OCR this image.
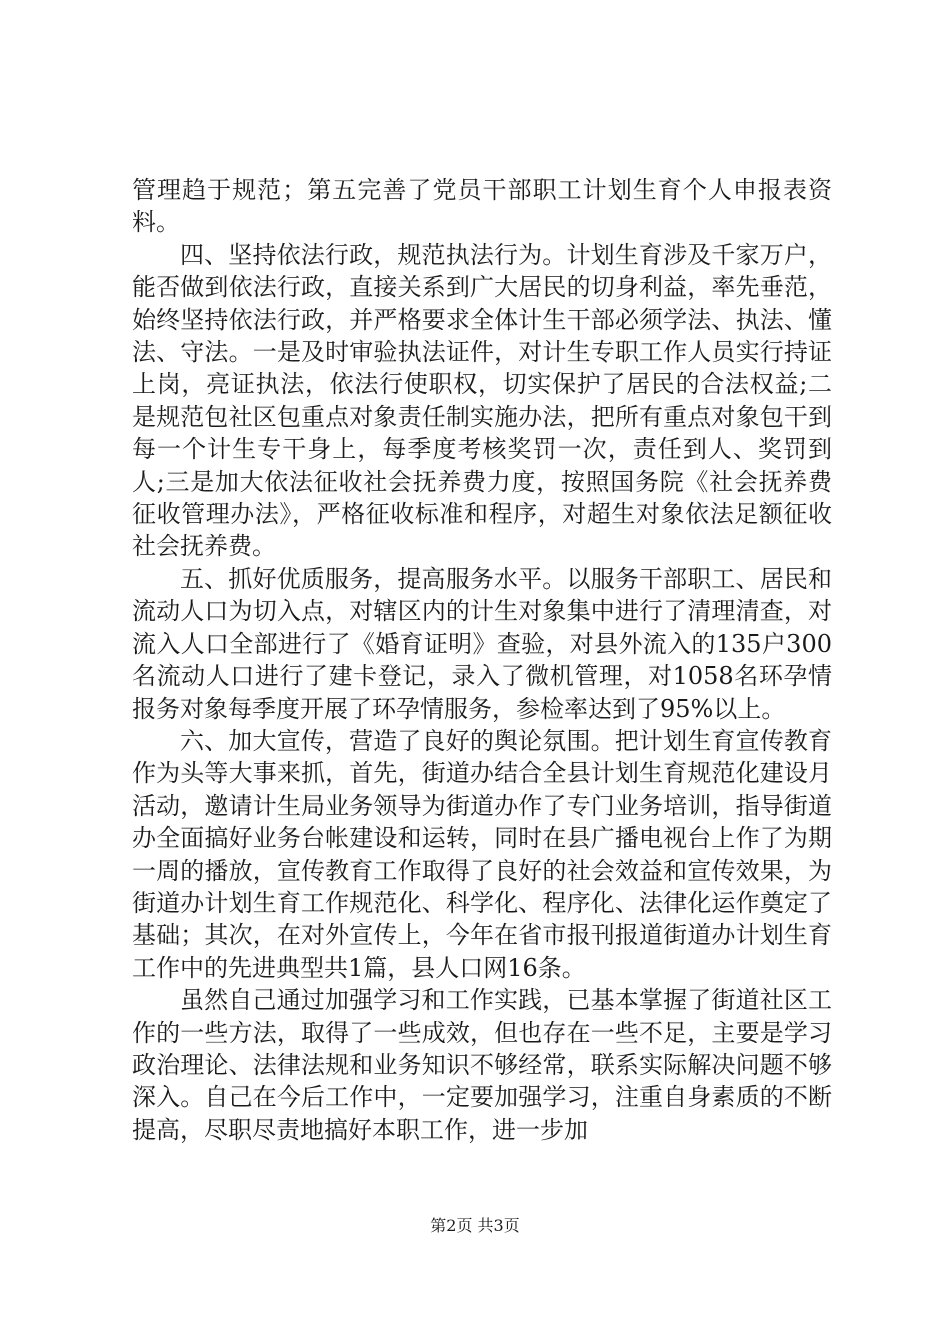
管理趋于规范；第五完善了党员干部职工计划生育个人申报表资料。

四、坚持依法行政，规范执法行为。计划生育涉及千家万户，能否做到依法行政，直接关系到广大居民的切身利益，率先垂范，始终坚持依法行政，并严格要求全体计生干部必须学法、执法、懂法、守法。一是及时审验执法证件，对计生专职工作人员实行持证上岗，亮证执法，依法行使职权，切实保护了居民的合法权益;二是规范包社区包重点对象责任制实施办法，把所有重点对象包干到每一个计生专干身上，每季度考核奖罚一次，责任到人、奖罚到人;三是加大依法征收社会抚养费力度，按照国务院《社会抚养费征收管理办法》，严格征收标准和程序，对超生对象依法足额征收社会抚养费。

五、抓好优质服务，提高服务水平。以服务干部职工、居民和流动人口为切入点，对辖区内的计生对象集中进行了清理清查，对流入人口全部进行了《婚育证明》查验，对县外流入的135户300名流动人口进行了建卡登记，录入了微机管理，对1058名环孕情报务对象每季度开展了环孕情服务，参检率达到了95%以上。

六、加大宣传，营造了良好的舆论氛围。把计划生育宣传教育作为头等大事来抓，首先，街道办结合全县计划生育规范化建设月活动，邀请计生局业务领导为街道办作了专门业务培训，指导街道办全面搞好业务台帐建设和运转，同时在县广播电视台上作了为期一周的播放，宣传教育工作取得了良好的社会效益和宣传效果，为街道办计划生育工作规范化、科学化、程序化、法律化运作奠定了基础；其次，在对外宣传上，今年在省市报刊报道街道办计划生育工作中的先进典型共1篇，县人口网16条。

虽然自己通过加强学习和工作实践，已基本掌握了街道社区工作的一些方法，取得了一些成效，但也存在一些不足，主要是学习政治理论、法律法规和业务知识不够经常，联系实际解决问题不够深入。自己在今后工作中，一定要加强学习，注重自身素质的不断提高，尽职尽责地搞好本职工作，进一步加

第2页 共3页
